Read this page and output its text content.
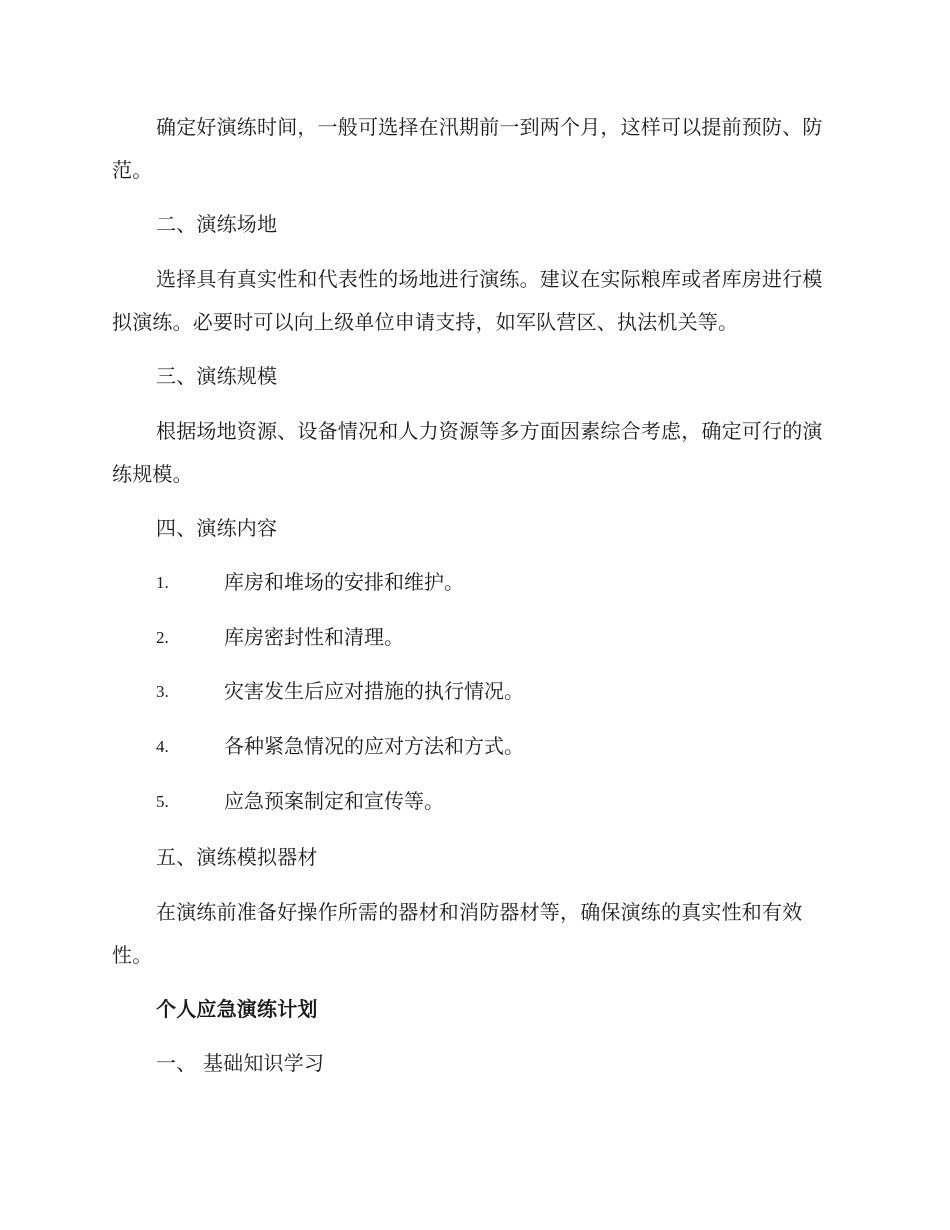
确定好演练时间，一般可选择在汛期前一到两个月，这样可以提前预防、防范。

二、演练场地

选择具有真实性和代表性的场地进行演练。建议在实际粮库或者库房进行模拟演练。必要时可以向上级单位申请支持，如军队营区、执法机关等。

三、演练规模

根据场地资源、设备情况和人力资源等多方面因素综合考虑，确定可行的演练规模。

四、演练内容

1.	库房和堆场的安排和维护。
2.	库房密封性和清理。
3.	灾害发生后应对措施的执行情况。
4.	各种紧急情况的应对方法和方式。
5.	应急预案制定和宣传等。

五、演练模拟器材

在演练前准备好操作所需的器材和消防器材等，确保演练的真实性和有效性。

个人应急演练计划

一、 基础知识学习
